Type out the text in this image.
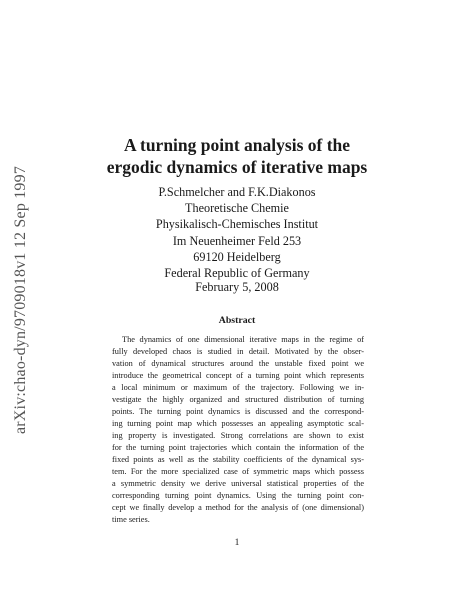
arXiv:chao-dyn/9709018v1 12 Sep 1997
A turning point analysis of the
ergodic dynamics of iterative maps
P.Schmelcher and F.K.Diakonos
Theoretische Chemie
Physikalisch-Chemisches Institut
Im Neuenheimer Feld 253
69120 Heidelberg
Federal Republic of Germany
February 5, 2008
Abstract
The dynamics of one dimensional iterative maps in the regime of
fully developed chaos is studied in detail. Motivated by the obser-
vation of dynamical structures around the unstable fixed point we
introduce the geometrical concept of a turning point which represents
a local minimum or maximum of the trajectory. Following we in-
vestigate the highly organized and structured distribution of turning
points. The turning point dynamics is discussed and the correspond-
ing turning point map which possesses an appealing asymptotic scal-
ing property is investigated. Strong correlations are shown to exist
for the turning point trajectories which contain the information of the
fixed points as well as the stability coefficients of the dynamical sys-
tem. For the more specialized case of symmetric maps which possess
a symmetric density we derive universal statistical properties of the
corresponding turning point dynamics. Using the turning point con-
cept we finally develop a method for the analysis of (one dimensional)
time series.
1
